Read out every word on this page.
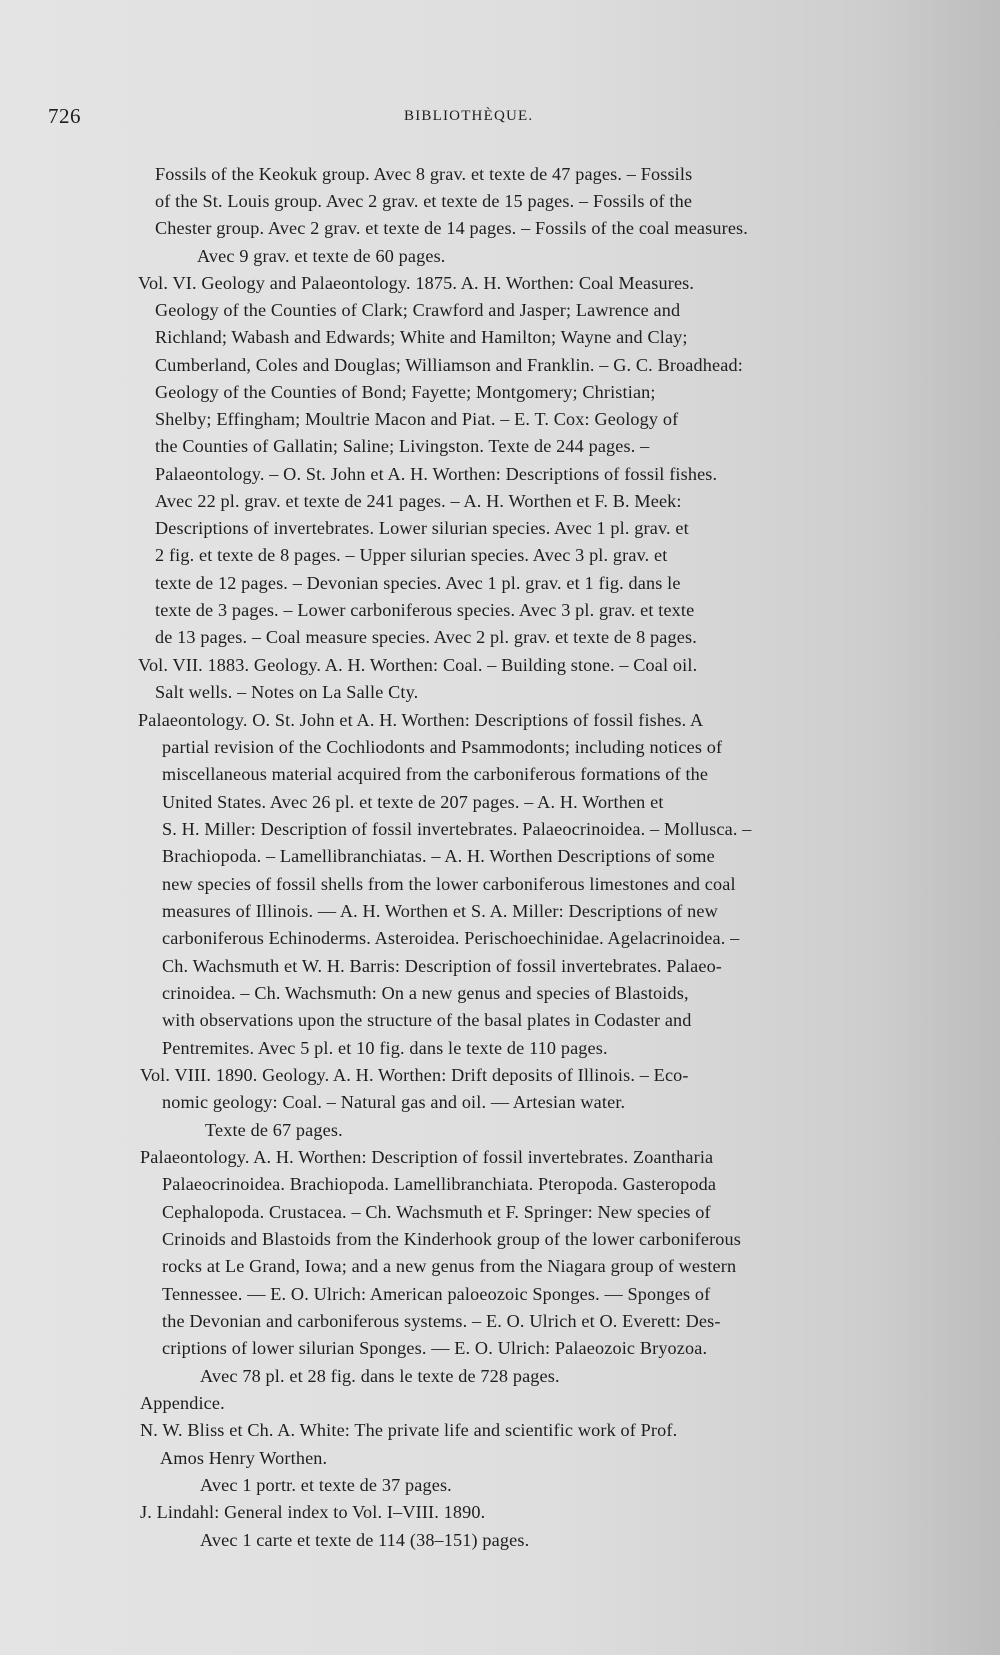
726	BIBLIOTHÈQUE.
Fossils of the Keokuk group. Avec 8 grav. et texte de 47 pages. – Fossils
of the St. Louis group. Avec 2 grav. et texte de 15 pages. – Fossils of the
Chester group. Avec 2 grav. et texte de 14 pages. – Fossils of the coal measures.
Avec 9 grav. et texte de 60 pages.
Vol. VI. Geology and Palaeontology. 1875. A. H. Worthen: Coal Measures.
Geology of the Counties of Clark; Crawford and Jasper; Lawrence and
Richland; Wabash and Edwards; White and Hamilton; Wayne and Clay;
Cumberland, Coles and Douglas; Williamson and Franklin. – G. C. Broadhead:
Geology of the Counties of Bond; Fayette; Montgomery; Christian;
Shelby; Effingham; Moultrie Macon and Piat. – E. T. Cox: Geology of
the Counties of Gallatin; Saline; Livingston. Texte de 244 pages. –
Palaeontology. – O. St. John et A. H. Worthen: Descriptions of fossil fishes.
Avec 22 pl. grav. et texte de 241 pages. – A. H. Worthen et F. B. Meek:
Descriptions of invertebrates. Lower silurian species. Avec 1 pl. grav. et
2 fig. et texte de 8 pages. – Upper silurian species. Avec 3 pl. grav. et
texte de 12 pages. – Devonian species. Avec 1 pl. grav. et 1 fig. dans le
texte de 3 pages. – Lower carboniferous species. Avec 3 pl. grav. et texte
de 13 pages. – Coal measure species. Avec 2 pl. grav. et texte de 8 pages.
Vol. VII. 1883. Geology. A. H. Worthen: Coal. – Building stone. – Coal oil.
Salt wells. – Notes on La Salle Cty.
Palaeontology. O. St. John et A. H. Worthen: Descriptions of fossil fishes. A
partial revision of the Cochliodonts and Psammodonts; including notices of
miscellaneous material acquired from the carboniferous formations of the
United States. Avec 26 pl. et texte de 207 pages. – A. H. Worthen et
S. H. Miller: Description of fossil invertebrates. Palaeocrinoidea. – Mollusca. –
Brachiopoda. – Lamellibranchiatas. – A. H. Worthen Descriptions of some
new species of fossil shells from the lower carboniferous limestones and coal
measures of Illinois. — A. H. Worthen et S. A. Miller: Descriptions of new
carboniferous Echinoderms. Asteroidea. Perischoechinidae. Agelacrinoidea. –
Ch. Wachsmuth et W. H. Barris: Description of fossil invertebrates. Palaeo-
crinoidea. – Ch. Wachsmuth: On a new genus and species of Blastoids,
with observations upon the structure of the basal plates in Codaster and
Pentremites. Avec 5 pl. et 10 fig. dans le texte de 110 pages.
Vol. VIII. 1890. Geology. A. H. Worthen: Drift deposits of Illinois. – Eco-
nomic geology: Coal. – Natural gas and oil. — Artesian water.
Texte de 67 pages.
Palaeontology. A. H. Worthen: Description of fossil invertebrates. Zoantharia
Palaeocrinoidea. Brachiopoda. Lamellibranchiata. Pteropoda. Gasteropoda
Cephalopoda. Crustacea. – Ch. Wachsmuth et F. Springer: New species of
Crinoids and Blastoids from the Kinderhook group of the lower carboniferous
rocks at Le Grand, Iowa; and a new genus from the Niagara group of western
Tennessee. — E. O. Ulrich: American paloeozoic Sponges. — Sponges of
the Devonian and carboniferous systems. – E. O. Ulrich et O. Everett: Des-
criptions of lower silurian Sponges. — E. O. Ulrich: Palaeozoic Bryozoa.
Avec 78 pl. et 28 fig. dans le texte de 728 pages.
Appendice.
N. W. Bliss et Ch. A. White: The private life and scientific work of Prof.
Amos Henry Worthen.
Avec 1 portr. et texte de 37 pages.
J. Lindahl: General index to Vol. I–VIII. 1890.
Avec 1 carte et texte de 114 (38–151) pages.
